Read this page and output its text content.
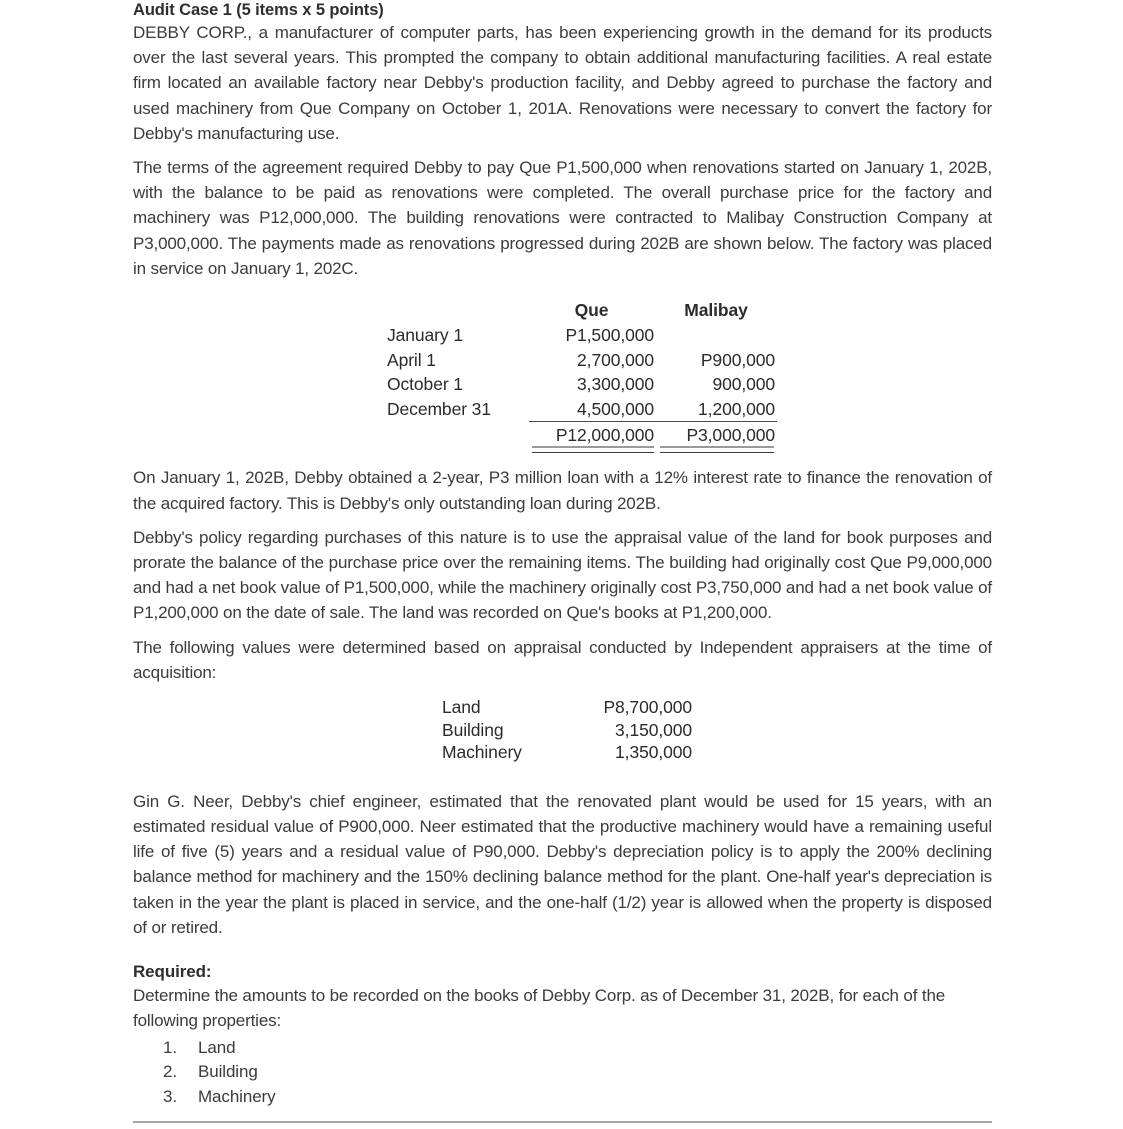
Audit Case 1 (5 items x 5 points)

DEBBY CORP., a manufacturer of computer parts, has been experiencing growth in the demand for its products over the last several years. This prompted the company to obtain additional manufacturing facilities. A real estate firm located an available factory near Debby's production facility, and Debby agreed to purchase the factory and used machinery from Que Company on October 1, 201A. Renovations were necessary to convert the factory for Debby's manufacturing use.

The terms of the agreement required Debby to pay Que P1,500,000 when renovations started on January 1, 202B, with the balance to be paid as renovations were completed. The overall purchase price for the factory and machinery was P12,000,000. The building renovations were contracted to Malibay Construction Company at P3,000,000. The payments made as renovations progressed during 202B are shown below. The factory was placed in service on January 1, 202C.

	Que	Malibay
January 1	P1,500,000	
April 1	2,700,000	P900,000
October 1	3,300,000	900,000
December 31	4,500,000	1,200,000
	P12,000,000	P3,000,000

On January 1, 202B, Debby obtained a 2-year, P3 million loan with a 12% interest rate to finance the renovation of the acquired factory. This is Debby's only outstanding loan during 202B.

Debby's policy regarding purchases of this nature is to use the appraisal value of the land for book purposes and prorate the balance of the purchase price over the remaining items. The building had originally cost Que P9,000,000 and had a net book value of P1,500,000, while the machinery originally cost P3,750,000 and had a net book value of P1,200,000 on the date of sale. The land was recorded on Que's books at P1,200,000.

The following values were determined based on appraisal conducted by Independent appraisers at the time of acquisition:

Land	P8,700,000
Building	3,150,000
Machinery	1,350,000

Gin G. Neer, Debby's chief engineer, estimated that the renovated plant would be used for 15 years, with an estimated residual value of P900,000. Neer estimated that the productive machinery would have a remaining useful life of five (5) years and a residual value of P90,000. Debby's depreciation policy is to apply the 200% declining balance method for machinery and the 150% declining balance method for the plant. One-half year's depreciation is taken in the year the plant is placed in service, and the one-half (1/2) year is allowed when the property is disposed of or retired.

Required:

Determine the amounts to be recorded on the books of Debby Corp. as of December 31, 202B, for each of the following properties:

1.	Land
2.	Building
3.	Machinery
